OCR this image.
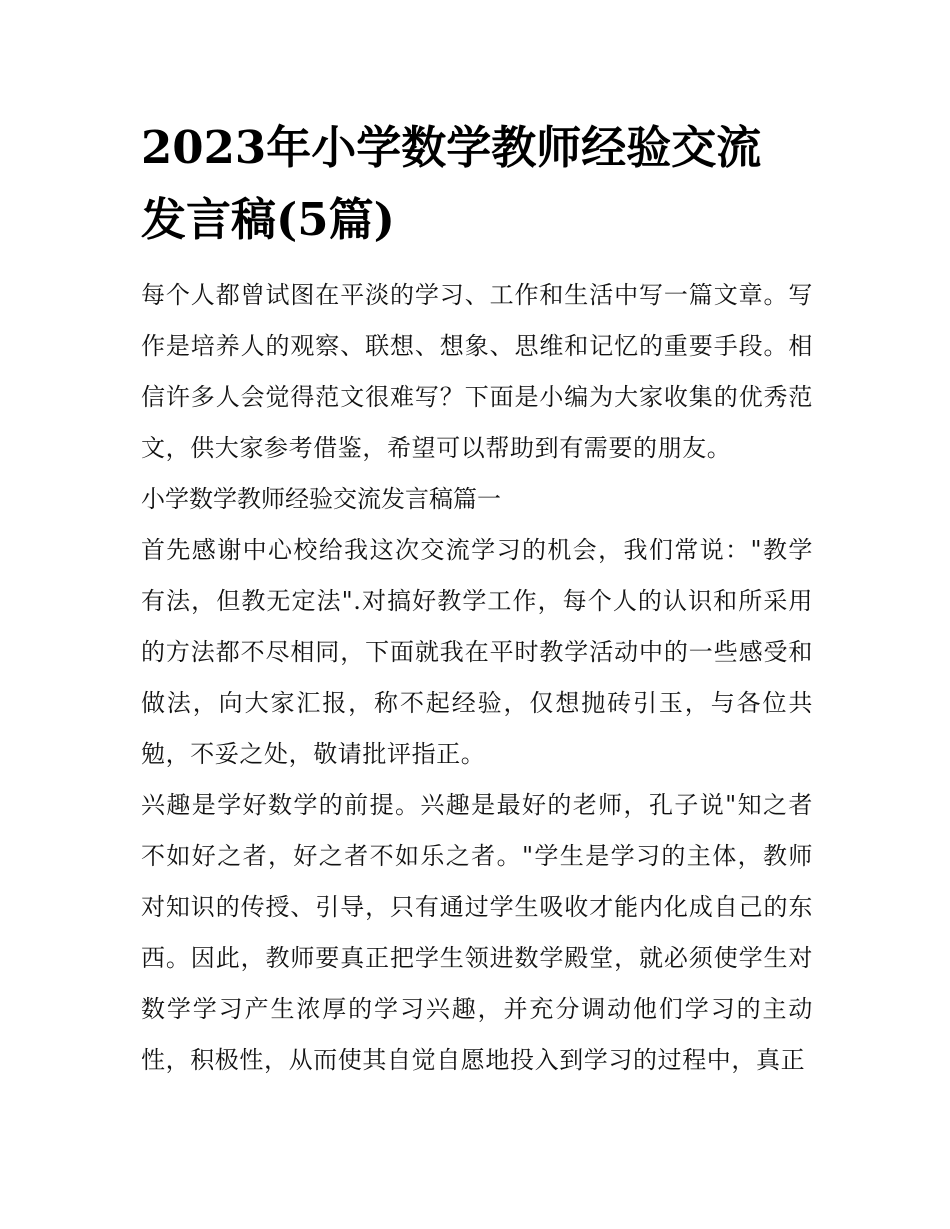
2023年小学数学教师经验交流
发言稿(5篇)

每个人都曾试图在平淡的学习、工作和生活中写一篇文章。写作是培养人的观察、联想、想象、思维和记忆的重要手段。相信许多人会觉得范文很难写？下面是小编为大家收集的优秀范文，供大家参考借鉴，希望可以帮助到有需要的朋友。

小学数学教师经验交流发言稿篇一

首先感谢中心校给我这次交流学习的机会，我们常说："教学有法，但教无定法".对搞好教学工作，每个人的认识和所采用的方法都不尽相同，下面就我在平时教学活动中的一些感受和做法，向大家汇报，称不起经验，仅想抛砖引玉，与各位共勉，不妥之处，敬请批评指正。

兴趣是学好数学的前提。兴趣是最好的老师，孔子说"知之者不如好之者，好之者不如乐之者。"学生是学习的主体，教师对知识的传授、引导，只有通过学生吸收才能内化成自己的东西。因此，教师要真正把学生领进数学殿堂，就必须使学生对数学学习产生浓厚的学习兴趣，并充分调动他们学习的主动性，积极性，从而使其自觉自愿地投入到学习的过程中，真正
